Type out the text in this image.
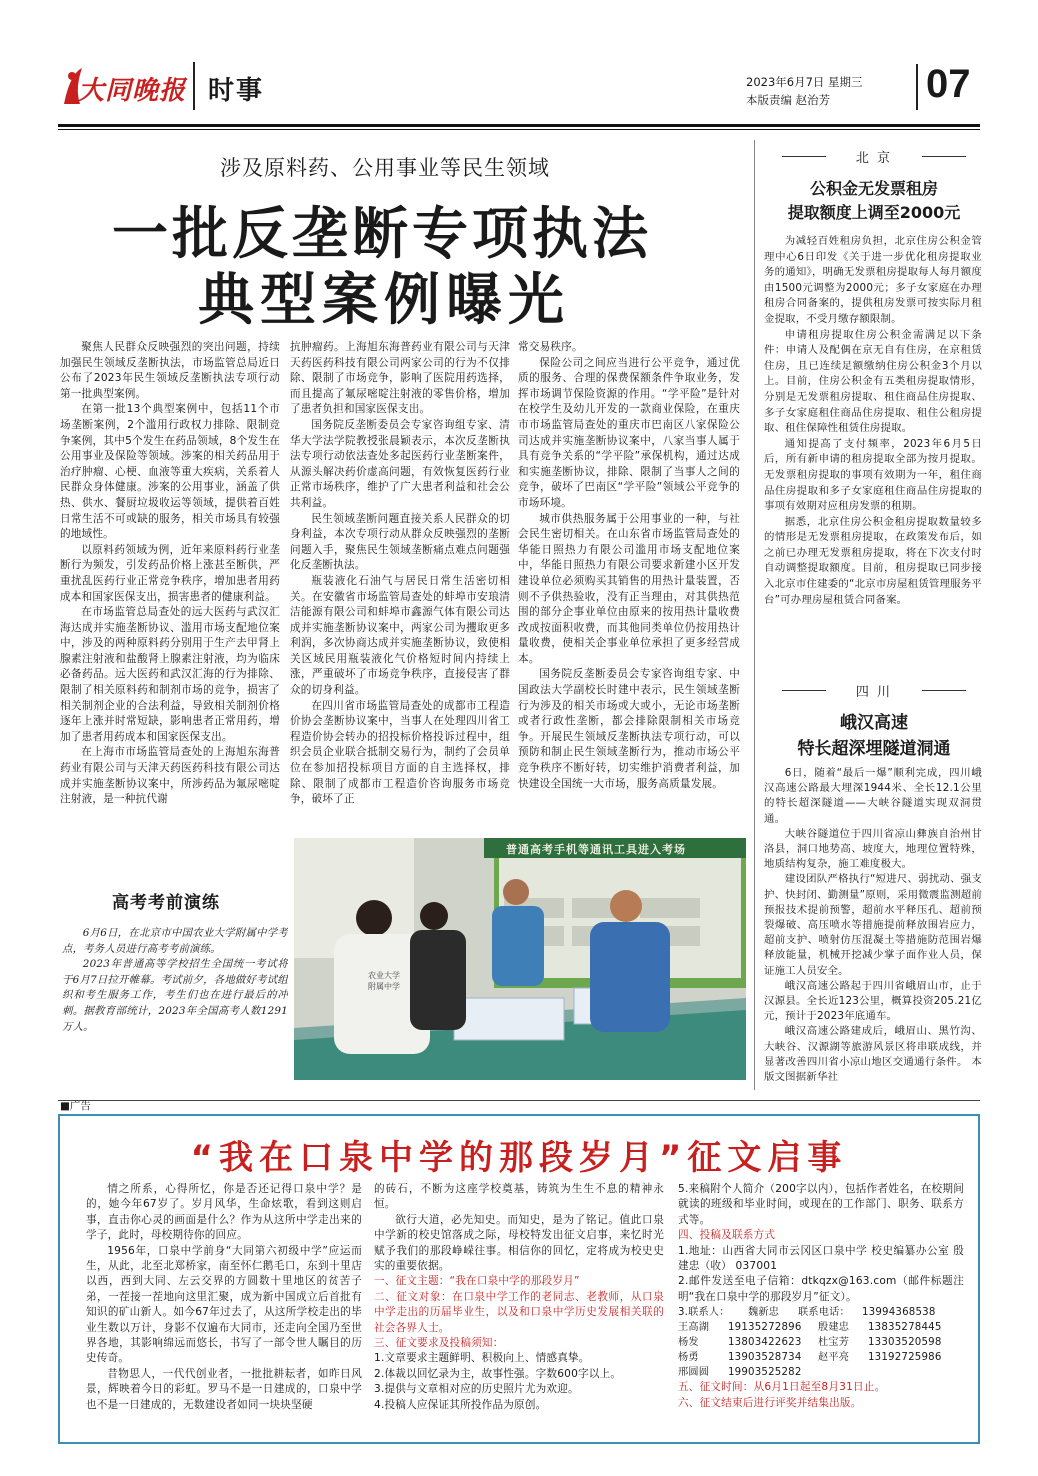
大同晚报 时事	2023年6月7日 星期三
本版责编 赵治芳 07
涉及原料药、公用事业等民生领域
一批反垄断专项执法
典型案例曝光

聚焦人民群众反映强烈的突出问题，持续加强民生领域反垄断执法，市场监管总局近日公布了2023年民生领域反垄断执法专项行动第一批典型案例。

在第一批13个典型案例中，包括11个市场垄断案例，2个滥用行政权力排除、限制竞争案例，其中5个发生在药品领域，8个发生在公用事业及保险等领域。涉案的相关药品用于治疗肿瘤、心梗、血液等重大疾病，关系着人民群众身体健康。涉案的公用事业，涵盖了供热、供水、餐厨垃圾收运等领域，提供着百姓日常生活不可或缺的服务，相关市场具有较强的地域性。

以原料药领域为例，近年来原料药行业垄断行为频发，引发药品价格上涨甚至断供，严重扰乱医药行业正常竞争秩序，增加患者用药成本和国家医保支出，损害患者的健康利益。

在市场监管总局查处的远大医药与武汉汇海达成并实施垄断协议、滥用市场支配地位案中，涉及的两种原料药分别用于生产去甲肾上腺素注射液和盐酸肾上腺素注射液，均为临床必备药品。远大医药和武汉汇海的行为排除、限制了相关原料药和制剂市场的竞争，损害了相关制剂企业的合法利益，导致相关制剂价格逐年上涨并时常短缺，影响患者正常用药，增加了患者用药成本和国家医保支出。

在上海市市场监管局查处的上海旭东海普药业有限公司与天津天药医药科技有限公司达成并实施垄断协议案中，所涉药品为氟尿嘧啶注射液，是一种抗代谢

抗肿瘤药。上海旭东海普药业有限公司与天津天药医药科技有限公司两家公司的行为不仅排除、限制了市场竞争，影响了医院用药选择，而且提高了氟尿嘧啶注射液的零售价格，增加了患者负担和国家医保支出。

国务院反垄断委员会专家咨询组专家、清华大学法学院教授张晨颖表示，本次反垄断执法专项行动依法查处多起医药行业垄断案件，从源头解决药价虚高问题，有效恢复医药行业正常市场秩序，维护了广大患者利益和社会公共利益。

民生领域垄断问题直接关系人民群众的切身利益，本次专项行动从群众反映强烈的垄断问题入手，聚焦民生领域垄断痛点难点问题强化反垄断执法。

瓶装液化石油气与居民日常生活密切相关。在安徽省市场监管局查处的蚌埠市安琅清洁能源有限公司和蚌埠市鑫源气体有限公司达成并实施垄断协议案中，两家公司为攫取更多利润，多次协商达成并实施垄断协议，致使相关区域民用瓶装液化气价格短时间内持续上涨，严重破坏了市场竞争秩序，直接侵害了群众的切身利益。

在四川省市场监管局查处的成都市工程造价协会垄断协议案中，当事人在处理四川省工程造价协会转办的招投标价格投诉过程中，组织会员企业联合抵制交易行为，制约了会员单位在参加招投标项目方面的自主选择权，排除、限制了成都市工程造价咨询服务市场竞争，破坏了正

常交易秩序。

保险公司之间应当进行公平竞争，通过优质的服务、合理的保费保额条件争取业务，发挥市场调节保险资源的作用。“学平险”是针对在校学生及幼儿开发的一款商业保险，在重庆市市场监管局查处的重庆市巴南区八家保险公司达成并实施垄断协议案中，八家当事人属于具有竞争关系的“学平险”承保机构，通过达成和实施垄断协议，排除、限制了当事人之间的竞争，破坏了巴南区“学平险”领域公平竞争的市场环境。

城市供热服务属于公用事业的一种，与社会民生密切相关。在山东省市场监管局查处的华能日照热力有限公司滥用市场支配地位案中，华能日照热力有限公司要求新建小区开发建设单位必须购买其销售的用热计量装置，否则不予供热验收，没有正当理由，对其供热范围的部分企事业单位由原来的按用热计量收费改成按面积收费，而其他同类单位仍按用热计量收费，使相关企事业单位承担了更多经营成本。

国务院反垄断委员会专家咨询组专家、中国政法大学副校长时建中表示，民生领域垄断行为涉及的相关市场或大或小，无论市场垄断或者行政性垄断，都会排除限制相关市场竞争。开展民生领域反垄断执法专项行动，可以预防和制止民生领域垄断行为，推动市场公平竞争秩序不断好转，切实维护消费者利益，加快建设全国统一大市场，服务高质量发展。

北 京
公积金无发票租房
提取额度上调至2000元

为减轻百姓租房负担，北京住房公积金管理中心6日印发《关于进一步优化租房提取业务的通知》，明确无发票租房提取每人每月额度由1500元调整为2000元；多子女家庭在办理租房合同备案的，提供租房发票可按实际月租金提取，不受月缴存额限制。

申请租房提取住房公积金需满足以下条件：申请人及配偶在京无自有住房，在京租赁住房，且已连续足额缴纳住房公积金3个月以上。目前，住房公积金有五类租房提取情形，分别是无发票租房提取、租住商品住房提取、多子女家庭租住商品住房提取、租住公租房提取、租住保障性租赁住房提取。

通知提高了支付频率，2023年6月5日后，所有新申请的租房提取全部为按月提取。无发票租房提取的事项有效期为一年，租住商品住房提取和多子女家庭租住商品住房提取的事项有效期对应租房发票的租期。

据悉，北京住房公积金租房提取数量较多的情形是无发票租房提取，在政策发布后，如之前已办理无发票租房提取，将在下次支付时自动调整提取额度。目前，租房提取已同步接入北京市住建委的“北京市房屋租赁管理服务平台”可办理房屋租赁合同备案。

四 川
峨汉高速
特长超深埋隧道洞通

6日，随着“最后一爆”顺利完成，四川峨汉高速公路最大埋深1944米、全长12.1公里的特长超深隧道——大峡谷隧道实现双洞贯通。

大峡谷隧道位于四川省凉山彝族自治州甘洛县，洞口地势高、坡度大，地理位置特殊，地质结构复杂，施工难度极大。

建设团队严格执行“短进尺、弱扰动、强支护、快封闭、勤测量”原则，采用微震监测超前预报技术提前预警，超前水平释压孔、超前预裂爆破、高压喷水等措施提前释放围岩应力，超前支护、喷射仿压混凝土等措施防范围岩爆释放能量，机械开挖减少掌子面作业人员，保证施工人员安全。

峨汉高速公路起于四川省峨眉山市，止于汉源县。全长近123公里，概算投资205.21亿元，预计于2023年底通车。

峨汉高速公路建成后，峨眉山、黑竹沟、大峡谷、汉源湖等旅游风景区将串联成线，并显著改善四川省小凉山地区交通通行条件。 本版文图据新华社

高考考前演练

6月6日，在北京市中国农业大学附属中学考点，考务人员进行高考考前演练。

2023年普通高等学校招生全国统一考试将于6月7日拉开帷幕。考试前夕，各地做好考试组织和考生服务工作，考生们也在进行最后的冲刺。据教育部统计，2023年全国高考人数1291万人。

普通高考手机等通讯工具进入考场
农业大学
附属中学
■广告
“我在口泉中学的那段岁月”征文启事

情之所系，心得所忆，你是否还记得口泉中学？是的，她今年67岁了。岁月风华，生命炫歌，看到这则启事，直击你心灵的画面是什么？作为从这所中学走出来的学子，此时，母校期待你的回应。

1956年，口泉中学前身“大同第六初级中学”应运而生，从此，北至北郑桥家，南至怀仁鹅毛口，东到十里店以西，西到大同、左云交界的方圆数十里地区的贫苦子弟，一茬接一茬地向这里汇聚，成为新中国成立后首批有知识的矿山新人。如今67年过去了，从这所学校走出的毕业生数以万计，身影不仅遍布大同市，还走向全国乃至世界各地，其影响绵远而悠长，书写了一部令世人瞩目的历史传奇。

昔物思人，一代代创业者，一批批耕耘者，如昨日风景，辉映着今日的彩虹。罗马不是一日建成的，口泉中学也不是一日建成的，无数建设者如同一块块坚硬

的砖石，不断为这座学校奠基，铸筑为生生不息的精神永恒。

欲行大道，必先知史。而知史，是为了铭记。值此口泉中学新的校史馆落成之际，母校特发出征文启事，来忆时光赋予我们的那段峥嵘往事。相信你的回忆，定将成为校史史实的重要依据。

一、征文主题：“我在口泉中学的那段岁月”

二、征文对象：在口泉中学工作的老同志、老教师，从口泉中学走出的历届毕业生，以及和口泉中学历史发展相关联的社会各界人士。

三、征文要求及投稿须知：

1.文章要求主题鲜明、积极向上、情感真挚。

2.体裁以回忆录为主，故事性强。字数600字以上。

3.提供与文章相对应的历史照片尤为欢迎。

4.投稿人应保证其所投作品为原创。

5.来稿附个人简介（200字以内），包括作者姓名，在校期间就读的班级和毕业时间，或现在的工作部门、职务、联系方式等。

四、投稿及联系方式

1.地址：山西省大同市云冈区口泉中学 校史编纂办公室 殷建忠（收） 037001

2.邮件发送至电子信箱：dtkqzx@163.com（邮件标题注明“我在口泉中学的那段岁月”征文）。

3.联系人：	魏新忠	联系电话：	13994368538
王高湖	19135272896	殷建忠	13835278445
杨发	13803422623	杜宝芳	13303520598
杨勇	13903528734	赵平亮	13192725986
邢圆圆	19903525282

五、征文时间：从6月1日起至8月31日止。

六、征文结束后进行评奖并结集出版。
